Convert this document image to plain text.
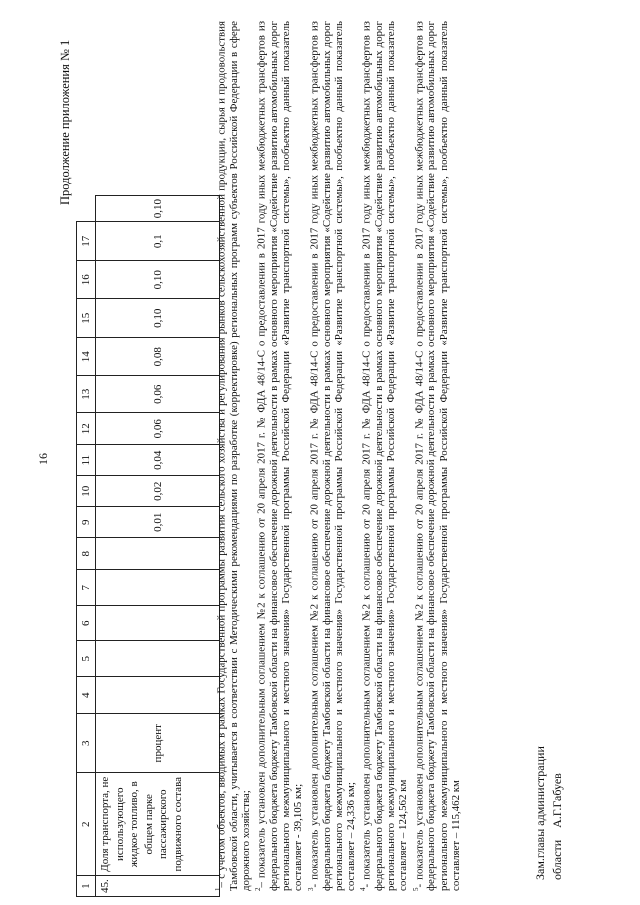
16
Продолжение приложения № 1
1	2	3	4	5	6	7	8	9	10	11	12	13	14	15	16	17	
45.	Доля транспорта, не использующего жидкое топливо, в общем парке пассажирского подвижного состава	процент						0,01	0,02	0,04	0,06	0,06	0,08	0,10	0,10	0,1	0,10

$^1$– с учетом объектов, вводимых в рамках Государственной программы развития сельского хозяйства и регулирования рынков сельскохозяйственной продукции, сырья и продовольствия Тамбовской области, учитывается в соответствии с Методическими рекомендациями по разработке (корректировке) региональных программ субъектов Российской Федерации в сфере дорожного хозяйства; $^2$– показатель установлен дополнительным соглашением №2 к соглашению от 20 апреля 2017 г. № ФДА 48/14-С о предоставлении в 2017 году иных межбюджетных трансфертов из федерального бюджета бюджету Тамбовской области на финансовое обеспечение дорожной деятельности в рамках основного мероприятия «Содействие развитию автомобильных дорог регионального межмуниципального и местного значения» Государственной программы Российской Федерации «Развитие транспортной системы», пообъектно данный показатель составляет - 39,105 км; $^3$- показатель установлен дополнительным соглашением №2 к соглашению от 20 апреля 2017 г. № ФДА 48/14-С о предоставлении в 2017 году иных межбюджетных трансфертов из федерального бюджета бюджету Тамбовской области на финансовое обеспечение дорожной деятельности в рамках основного мероприятия «Содействие развитию автомобильных дорог регионального межмуниципального и местного значения» Государственной программы Российской Федерации «Развитие транспортной системы», пообъектно данный показатель составляет – 24,336 км; $^4$- показатель установлен дополнительным соглашением №2 к соглашению от 20 апреля 2017 г. № ФДА 48/14-С о предоставлении в 2017 году иных межбюджетных трансфертов из федерального бюджета бюджету Тамбовской области на финансовое обеспечение дорожной деятельности в рамках основного мероприятия «Содействие развитию автомобильных дорог регионального межмуниципального и местного значения» Государственной программы Российской Федерации «Развитие транспортной системы», пообъектно данный показатель составляет – 124,562 км $^5$- показатель установлен дополнительным соглашением №2 к соглашению от 20 апреля 2017 г. № ФДА 48/14-С о предоставлении в 2017 году иных межбюджетных трансфертов из федерального бюджета бюджету Тамбовской области на финансовое обеспечение дорожной деятельности в рамках основного мероприятия «Содействие развитию автомобильных дорог регионального межмуниципального и местного значения» Государственной программы Российской Федерации «Развитие транспортной системы», пообъектно данный показатель составляет – 115,462 км	Зам.главы администрации области    А.Г.Габуев
